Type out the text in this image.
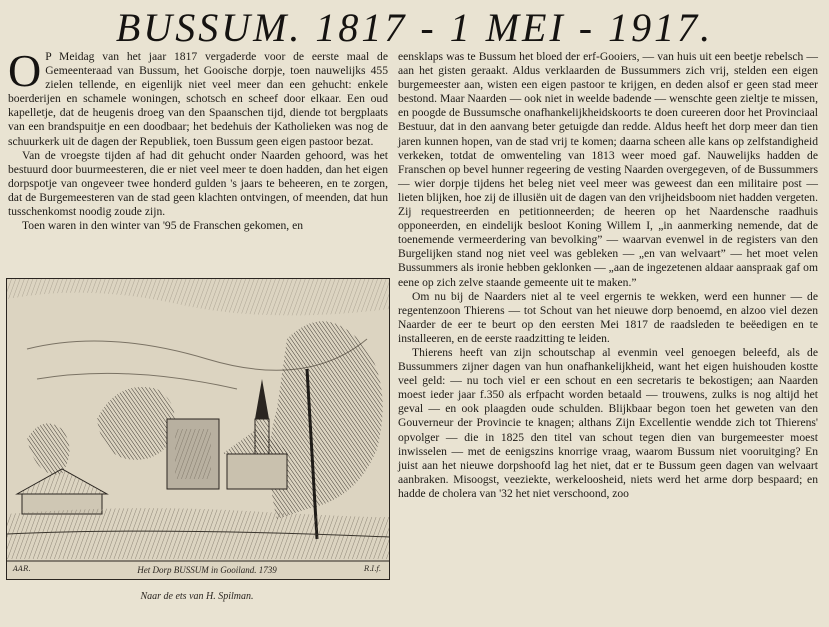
BUSSUM. 1817 - 1 MEI - 1917.

O P Meidag van het jaar 1817 vergaderde voor de eerste maal de Gemeenteraad van Bussum, het Gooische dorpje, toen nauwelijks 455 zielen tellende, en eigenlijk niet veel meer dan een gehucht: enkele boerderijen en schamele woningen, schotsch en scheef door elkaar. Een oud kapelletje, dat de heugenis droeg van den Spaanschen tijd, diende tot bergplaats van een brandspuitje en een doodbaar; het bedehuis der Katholieken was nog de schuurkerk uit de dagen der Republiek, toen Bussum geen eigen pastoor bezat.

Van de vroegste tijden af had dit gehucht onder Naarden gehoord, was het bestuurd door buurmeesteren, die er niet veel meer te doen hadden, dan het eigen dorpspotje van ongeveer twee honderd gulden 's jaars te beheeren, en te zorgen, dat de Burgemeesteren van de stad geen klachten ontvingen, of meenden, dat hun tusschenkomst noodig zoude zijn.

Toen waren in den winter van '95 de Franschen gekomen, en

AAR.	Het Dorp BUSSUM in Gooiland. 1739	R.I.f.
Naar de ets van H. Spilman.

eensklaps was te Bussum het bloed der erf-Gooiers, — van huis uit een beetje rebelsch — aan het gisten geraakt. Aldus verklaarden de Bussummers zich vrij, stelden een eigen burgemeester aan, wisten een eigen pastoor te krijgen, en deden alsof er geen stad meer bestond. Maar Naarden — ook niet in weelde badende — wenschte geen zieltje te missen, en poogde de Bussumsche onafhankelijkheidskoorts te doen cureeren door het Provinciaal Bestuur, dat in den aanvang beter getuigde dan redde. Aldus heeft het dorp meer dan tien jaren kunnen hopen, van de stad vrij te komen; daarna scheen alle kans op zelfstandigheid verkeken, totdat de omwenteling van 1813 weer moed gaf. Nauwelijks hadden de Franschen op bevel hunner regeering de vesting Naarden overgegeven, of de Bussummers — wier dorpje tijdens het beleg niet veel meer was geweest dan een militaire post — lieten blijken, hoe zij de illusiën uit de dagen van den vrijheidsboom niet hadden vergeten. Zij requestreerden en petitionneerden; de heeren op het Naardensche raadhuis opponeerden, en eindelijk besloot Koning Willem I, „in aanmerking nemende, dat de toenemende vermeerdering van bevolking” — waarvan evenwel in de registers van den Burgelijken stand nog niet veel was gebleken — „en van welvaart” — het moet velen Bussummers als ironie hebben geklonken — „aan de ingezetenen aldaar aanspraak gaf om eene op zich zelve staande gemeente uit te maken.”

Om nu bij de Naarders niet al te veel ergernis te wekken, werd een hunner — de regentenzoon Thierens — tot Schout van het nieuwe dorp benoemd, en alzoo viel dezen Naarder de eer te beurt op den eersten Mei 1817 de raadsleden te beëedigen en te installeeren, en de eerste raadzitting te leiden.

Thierens heeft van zijn schoutschap al evenmin veel genoegen beleefd, als de Bussummers zijner dagen van hun onafhankelijkheid, want het eigen huishouden kostte veel geld: — nu toch viel er een schout en een secretaris te bekostigen; aan Naarden moest ieder jaar f.350 als erfpacht worden betaald — trouwens, zulks is nog altijd het geval — en ook plaagden oude schulden. Blijkbaar begon toen het geweten van den Gouverneur der Provincie te knagen; althans Zijn Excellentie wendde zich tot Thierens' opvolger — die in 1825 den titel van schout tegen dien van burgemeester moest inwisselen — met de eenigszins knorrige vraag, waarom Bussum niet vooruitging? En juist aan het nieuwe dorpshoofd lag het niet, dat er te Bussum geen dagen van welvaart aanbraken. Misoogst, veeziekte, werkeloosheid, niets werd het arme dorp bespaard; en hadde de cholera van '32 het niet verschoond, zoo
